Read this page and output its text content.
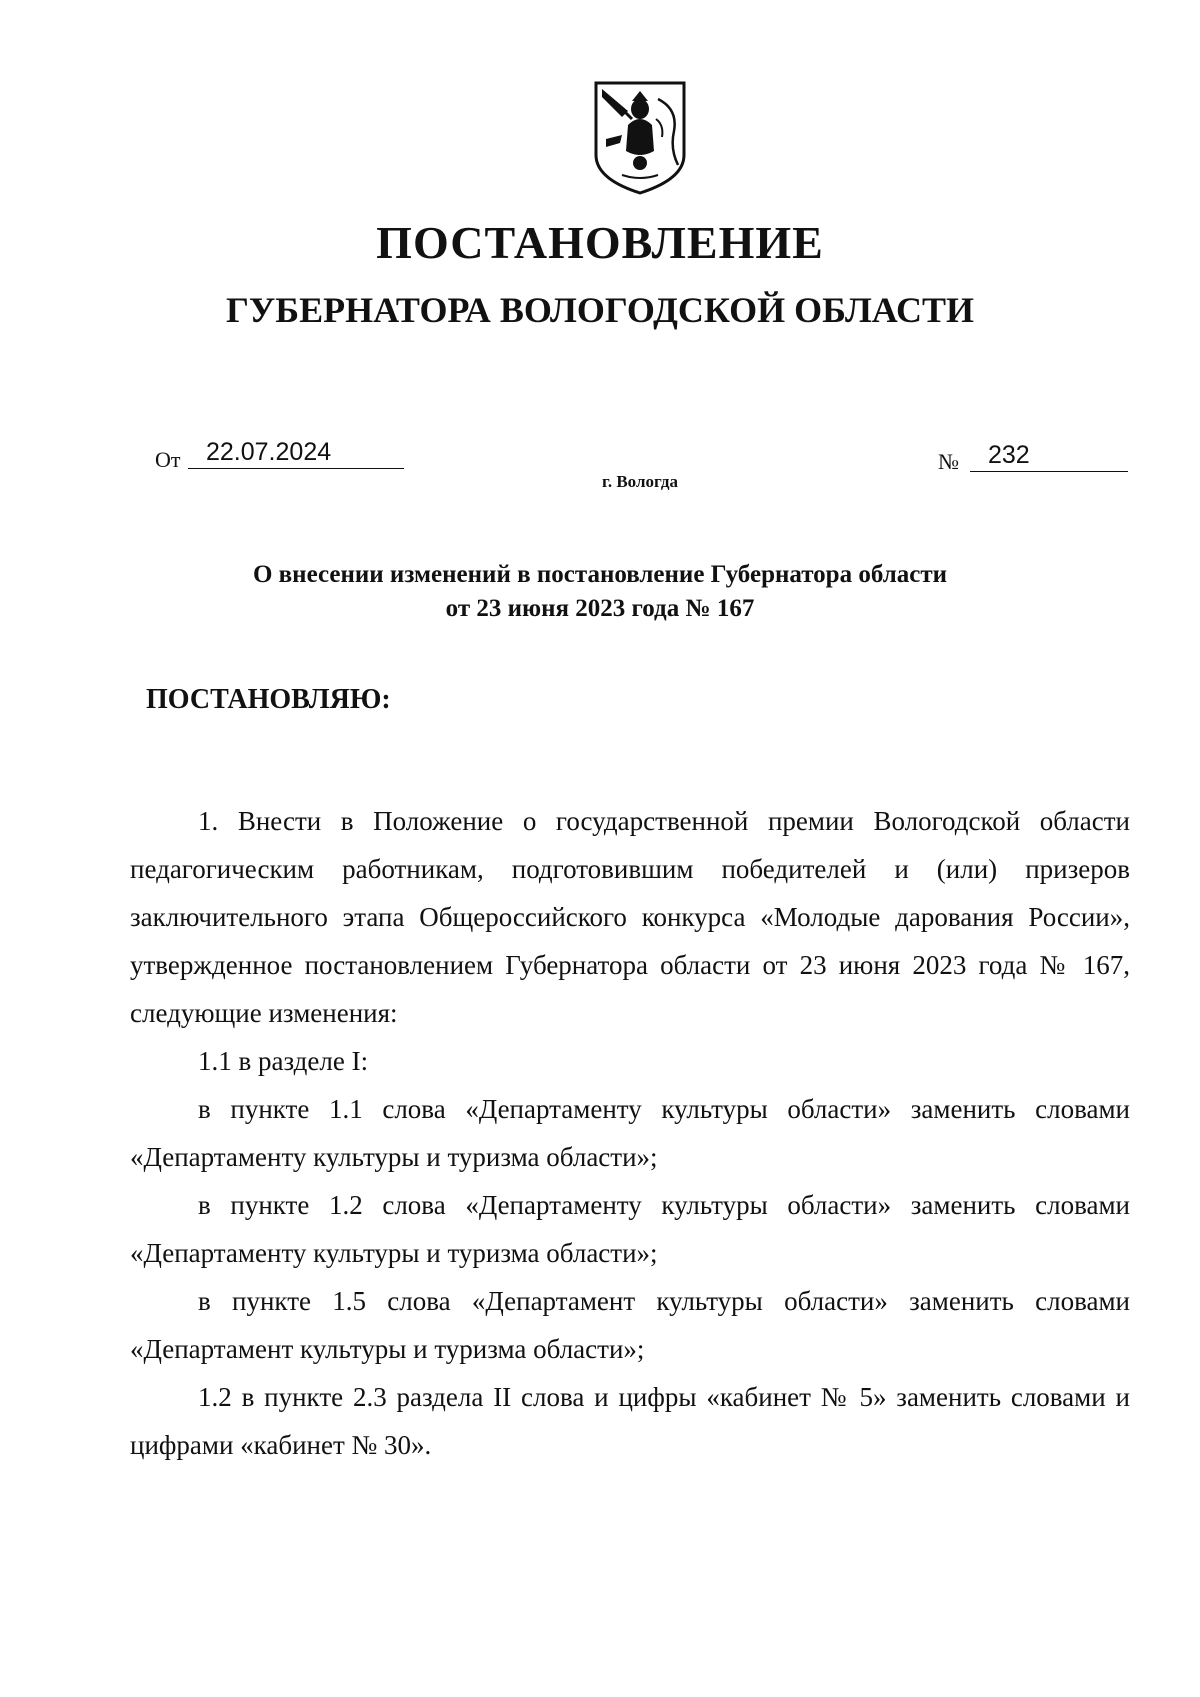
ПОСТАНОВЛЕНИЕ
ГУБЕРНАТОРА ВОЛОГОДСКОЙ ОБЛАСТИ
От	22.07.2024	№	232
г. Вологда
О внесении изменений в постановление Губернатора области
от 23 июня 2023 года № 167
ПОСТАНОВЛЯЮ:

1. Внести в Положение о государственной премии Вологодской области педагогическим работникам, подготовившим победителей и (или) призеров заключительного этапа Общероссийского конкурса «Молодые дарования России», утвержденное постановлением Губернатора области от 23 июня 2023 года № 167, следующие изменения:

1.1 в разделе I:

в пункте 1.1 слова «Департаменту культуры области» заменить словами «Департаменту культуры и туризма области»;

в пункте 1.2 слова «Департаменту культуры области» заменить словами «Департаменту культуры и туризма области»;

в пункте 1.5 слова «Департамент культуры области» заменить словами «Департамент культуры и туризма области»;

1.2 в пункте 2.3 раздела II слова и цифры «кабинет № 5» заменить словами и цифрами «кабинет № 30».
